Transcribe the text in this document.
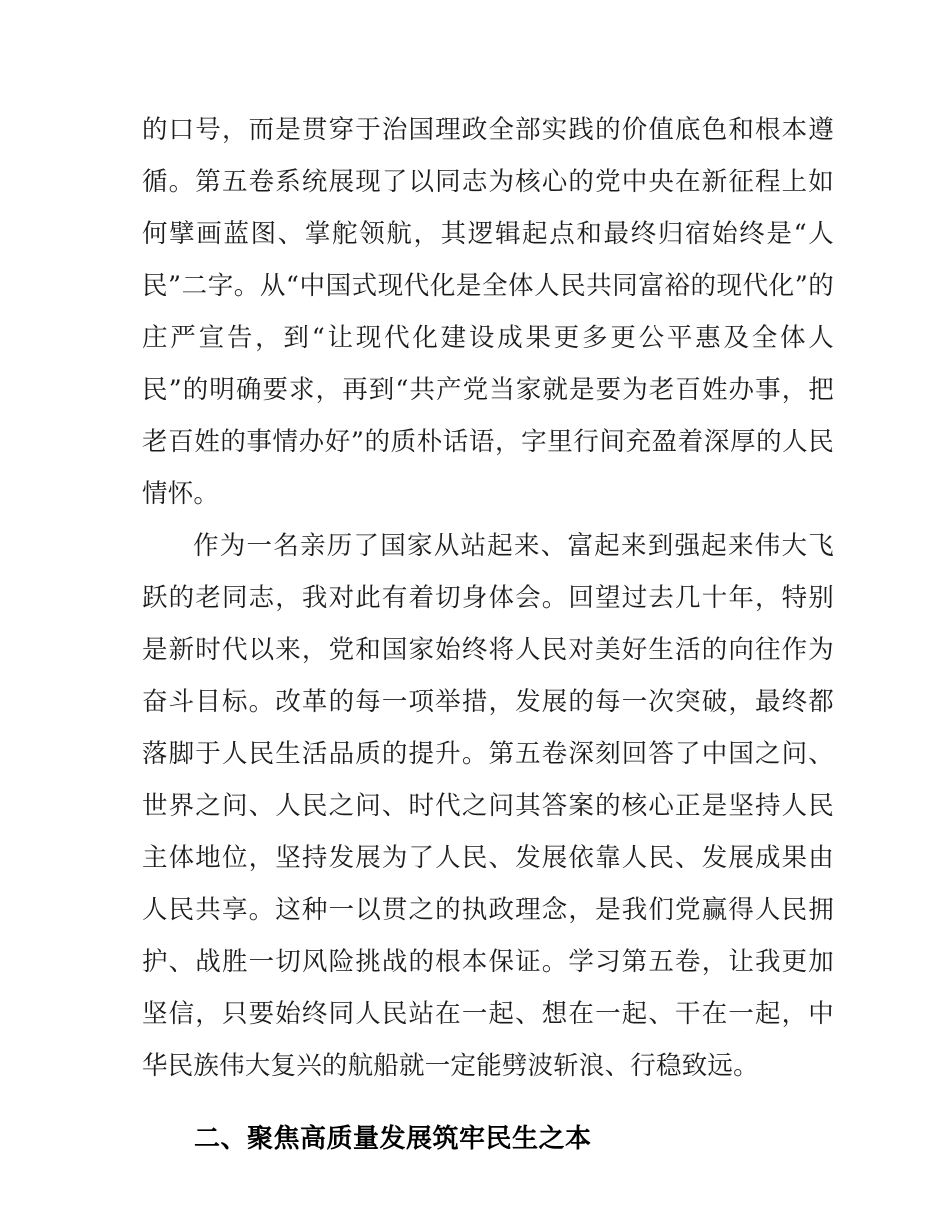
的口号，而是贯穿于治国理政全部实践的价值底色和根本遵循。第五卷系统展现了以同志为核心的党中央在新征程上如何擘画蓝图、掌舵领航，其逻辑起点和最终归宿始终是“人民”二字。从“中国式现代化是全体人民共同富裕的现代化”的庄严宣告，到“让现代化建设成果更多更公平惠及全体人民”的明确要求，再到“共产党当家就是要为老百姓办事，把老百姓的事情办好”的质朴话语，字里行间充盈着深厚的人民情怀。

作为一名亲历了国家从站起来、富起来到强起来伟大飞跃的老同志，我对此有着切身体会。回望过去几十年，特别是新时代以来，党和国家始终将人民对美好生活的向往作为奋斗目标。改革的每一项举措，发展的每一次突破，最终都落脚于人民生活品质的提升。第五卷深刻回答了中国之问、世界之问、人民之问、时代之问其答案的核心正是坚持人民主体地位，坚持发展为了人民、发展依靠人民、发展成果由人民共享。这种一以贯之的执政理念，是我们党赢得人民拥护、战胜一切风险挑战的根本保证。学习第五卷，让我更加坚信，只要始终同人民站在一起、想在一起、干在一起，中华民族伟大复兴的航船就一定能劈波斩浪、行稳致远。

二、聚焦高质量发展筑牢民生之本
